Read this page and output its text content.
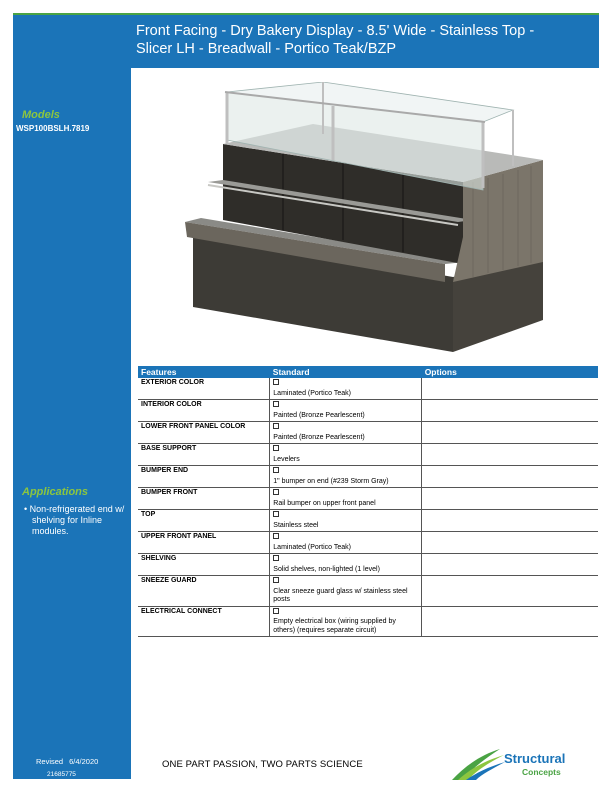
Front Facing - Dry Bakery Display - 8.5' Wide - Stainless Top -
Slicer LH - Breadwall - Portico Teak/BZP
Models
WSP100BSLH.7819
Applications
• Non-refrigerated end w/ shelving for Inline modules.
Revised 6/4/2020
21685775
Features	Standard	Options
EXTERIOR COLOR	Laminated (Portico Teak)	
INTERIOR COLOR	Painted (Bronze Pearlescent)	
LOWER FRONT PANEL COLOR	Painted (Bronze Pearlescent)	
BASE SUPPORT	Levelers	
BUMPER END	1" bumper on end (#239 Storm Gray)	
BUMPER FRONT	Rail bumper on upper front panel	
TOP	Stainless steel	
UPPER FRONT PANEL	Laminated (Portico Teak)	
SHELVING	Solid shelves, non-lighted (1 level)	
SNEEZE GUARD	Clear sneeze guard glass w/ stainless steel posts	
ELECTRICAL CONNECT	Empty electrical box (wiring supplied by others) (requires separate circuit)	
ONE PART PASSION, TWO PARTS SCIENCE	Structural
Concepts
